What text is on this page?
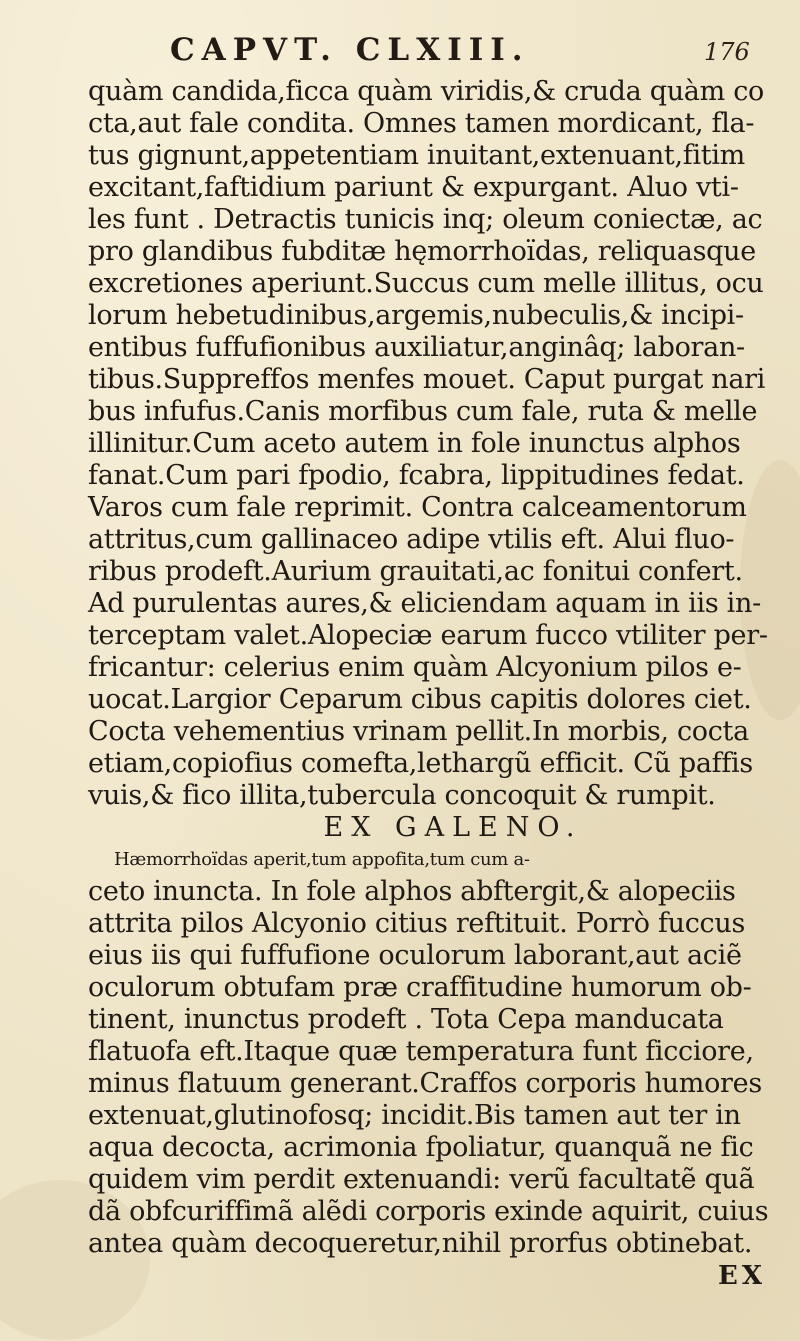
CAPVT. CLXIII.	176
quàm candida,ficca quàm viridis,& cruda quàm co
cta,aut fale condita. Omnes tamen mordicant, fla-
tus gignunt,appetentiam inuitant,extenuant,fitim
excitant,faftidium pariunt & expurgant. Aluo vti-
les funt . Detractis tunicis inq; oleum coniectæ, ac
pro glandibus fubditæ hęmorrhoïdas, reliquasque
excretiones aperiunt.Succus cum melle illitus, ocu
lorum hebetudinibus,argemis,nubeculis,& incipi-
entibus fuffufionibus auxiliatur,anginâq; laboran-
tibus.Suppreffos menfes mouet. Caput purgat nari
bus infufus.Canis morfibus cum fale, ruta & melle
illinitur.Cum aceto autem in fole inunctus alphos
fanat.Cum pari fpodio, fcabra, lippitudines fedat.
Varos cum fale reprimit. Contra calceamentorum
attritus,cum gallinaceo adipe vtilis eft. Alui fluo-
ribus prodeft.Aurium grauitati,ac fonitui confert.
Ad purulentas aures,& eliciendam aquam in iis in-
terceptam valet.Alopeciæ earum fucco vtiliter per-
fricantur: celerius enim quàm Alcyonium pilos e-
uocat.Largior Ceparum cibus capitis dolores ciet.
Cocta vehementius vrinam pellit.In morbis, cocta
etiam,copiofius comefta,lethargũ efficit. Cũ paffis
vuis,& fico illita,tubercula concoquit & rumpit.
EX GALENO.
Hæmorrhoïdas aperit,tum appofita,tum cum a-
ceto inuncta. In fole alphos abftergit,& alopeciis
attrita pilos Alcyonio citius reftituit. Porrò fuccus
eius iis qui fuffufione oculorum laborant,aut aciẽ
oculorum obtufam præ craffitudine humorum ob-
tinent, inunctus prodeft . Tota Cepa manducata
flatuofa eft.Itaque quæ temperatura funt ficciore,
minus flatuum generant.Craffos corporis humores
extenuat,glutinofosq; incidit.Bis tamen aut ter in
aqua decocta, acrimonia fpoliatur, quanquã ne fic
quidem vim perdit extenuandi: verũ facultatẽ quã
dã obfcuriffimã alẽdi corporis exinde aquirit, cuius
antea quàm decoqueretur,nihil prorfus obtinebat.
EX
